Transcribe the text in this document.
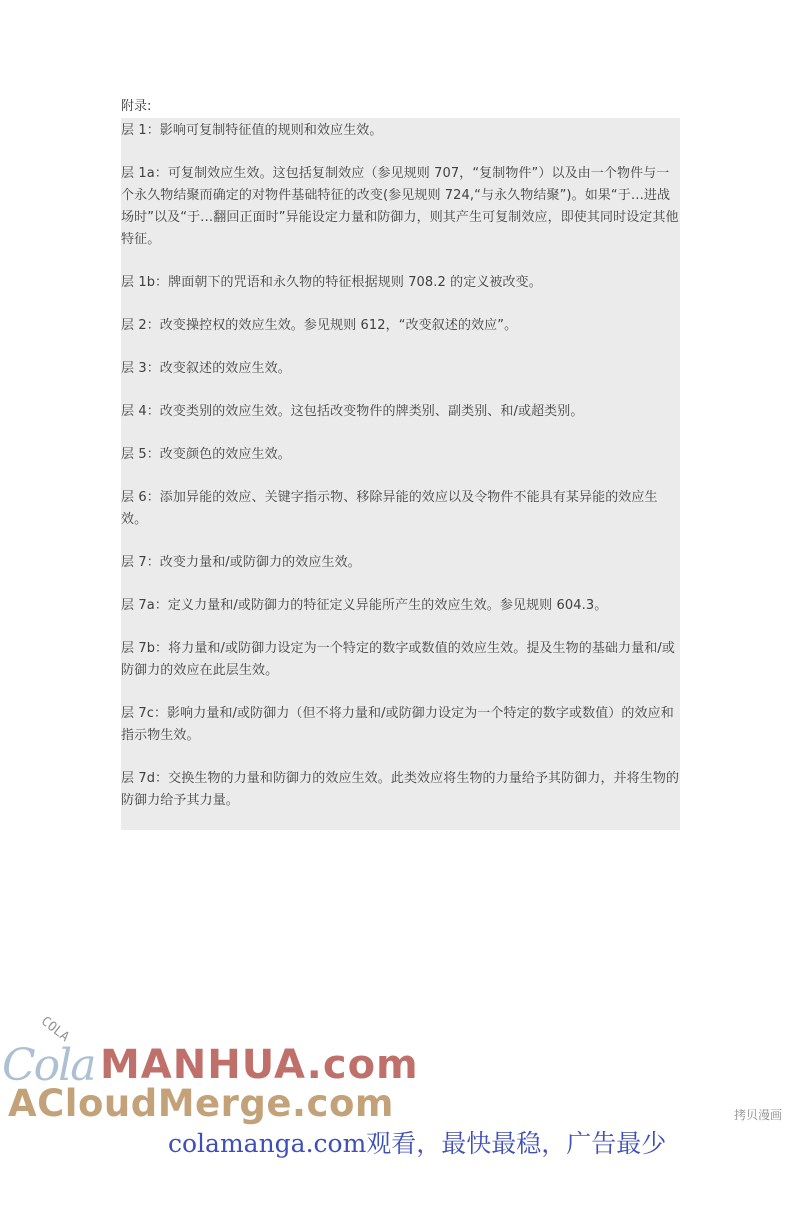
附录:

层 1：影响可复制特征值的规则和效应生效。

层 1a：可复制效应生效。这包括复制效应（参见规则 707，“复制物件”）以及由一个物件与一个永久物结聚而确定的对物件基础特征的改变(参见规则 724,“与永久物结聚”)。如果“于…进战场时”以及“于…翻回正面时”异能设定力量和防御力，则其产生可复制效应，即使其同时设定其他特征。

层 1b：牌面朝下的咒语和永久物的特征根据规则 708.2 的定义被改变。

层 2：改变操控权的效应生效。参见规则 612，“改变叙述的效应”。

层 3：改变叙述的效应生效。

层 4：改变类别的效应生效。这包括改变物件的牌类别、副类别、和/或超类别。

层 5：改变颜色的效应生效。

层 6：添加异能的效应、关键字指示物、移除异能的效应以及令物件不能具有某异能的效应生效。

层 7：改变力量和/或防御力的效应生效。

层 7a：定义力量和/或防御力的特征定义异能所产生的效应生效。参见规则 604.3。

层 7b：将力量和/或防御力设定为一个特定的数字或数值的效应生效。提及生物的基础力量和/或防御力的效应在此层生效。

层 7c：影响力量和/或防御力（但不将力量和/或防御力设定为一个特定的数字或数值）的效应和指示物生效。

层 7d：交换生物的力量和防御力的效应生效。此类效应将生物的力量给予其防御力，并将生物的防御力给予其力量。

Cola
COLA
MANHUA.com
ACloudMerge.com
colamanga.com观看，最快最稳，广告最少
拷贝漫画
